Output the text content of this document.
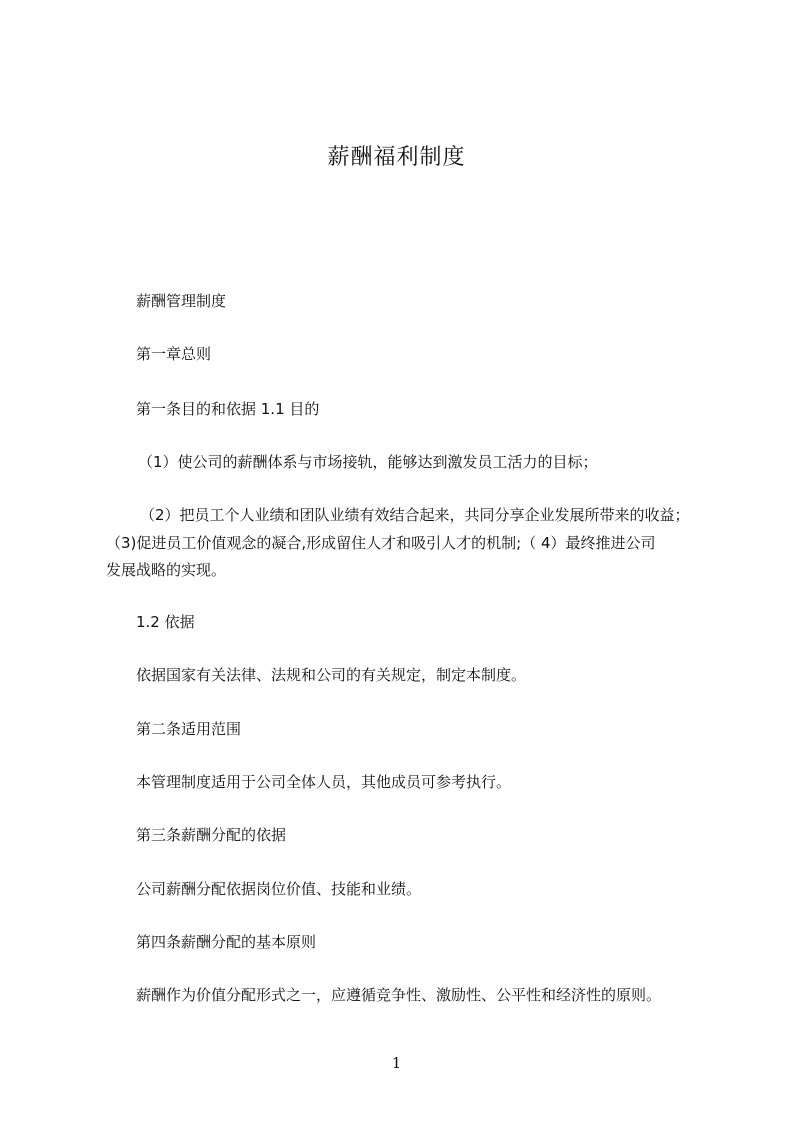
薪酬福利制度
薪酬管理制度
第一章总则
第一条目的和依据 1.1 目的
（1）使公司的薪酬体系与市场接轨，能够达到激发员工活力的目标；
（2）把员工个人业绩和团队业绩有效结合起来，共同分享企业发展所带来的收益；
（3)促进员工价值观念的凝合,形成留住人才和吸引人才的机制;（ 4）最终推进公司
发展战略的实现。
1.2 依据
依据国家有关法律、法规和公司的有关规定，制定本制度。
第二条适用范围
本管理制度适用于公司全体人员，其他成员可参考执行。
第三条薪酬分配的依据
公司薪酬分配依据岗位价值、技能和业绩。
第四条薪酬分配的基本原则
薪酬作为价值分配形式之一，应遵循竞争性、激励性、公平性和经济性的原则。
1
